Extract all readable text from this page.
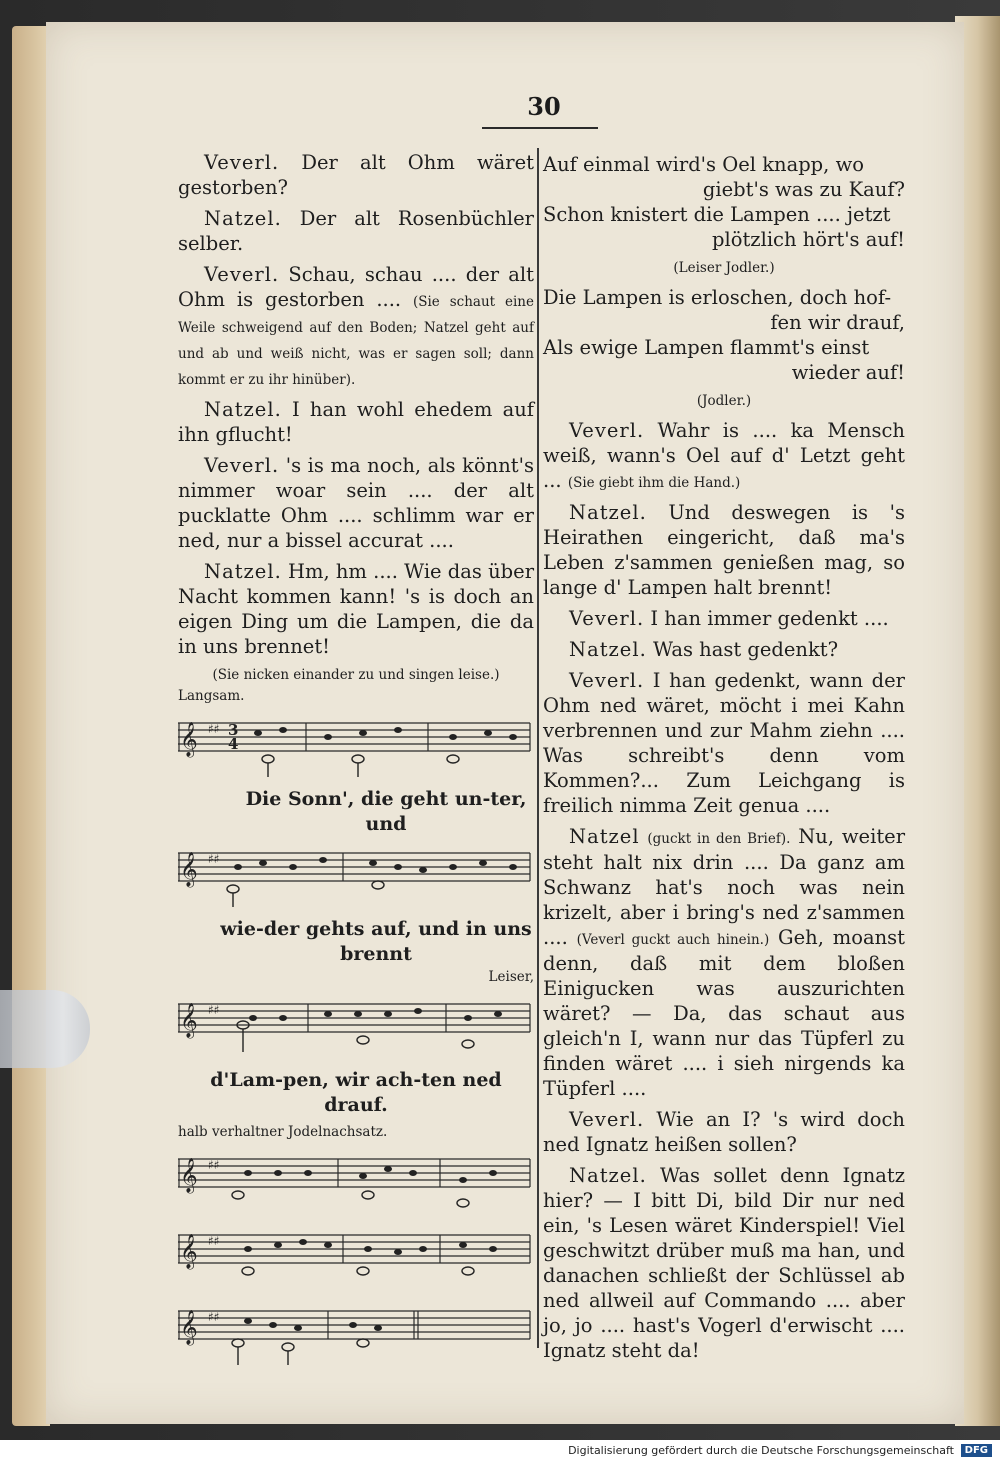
30

Veverl. Der alt Ohm wäret gestorben?

Natzel. Der alt Rosenbüchler selber.

Veverl. Schau, schau .... der alt Ohm is gestorben .... (Sie schaut eine Weile schweigend auf den Boden; Natzel geht auf und ab und weiß nicht, was er sagen soll; dann kommt er zu ihr hinüber).

Natzel. I han wohl ehedem auf ihn gflucht!

Veverl. 's is ma noch, als könnt's nimmer woar sein .... der alt pucklatte Ohm .... schlimm war er ned, nur a bissel accurat ....

Natzel. Hm, hm .... Wie das über Nacht kommen kann! 's is doch an eigen Ding um die Lampen, die da in uns brennet!

(Sie nicken einander zu und singen leise.)

Langsam.

𝄞 ♯♯ 3
4

Die Sonn', die geht un-ter, und

𝄞 ♯♯

wie-der gehts auf, und in uns brennt

Leiser,

𝄞 ♯♯

d'Lam-pen, wir ach-ten ned drauf.

halb verhaltner Jodelnachsatz.

𝄞 ♯♯
𝄞 ♯♯
𝄞 ♯♯

Auf einmal wird's Oel knapp, wo

giebt's was zu Kauf?

Schon knistert die Lampen .... jetzt

plötzlich hört's auf!

(Leiser Jodler.)

Die Lampen is erloschen, doch hof-

fen wir drauf,

Als ewige Lampen flammt's einst

wieder auf!

(Jodler.)

Veverl. Wahr is .... ka Mensch weiß, wann's Oel auf d' Letzt geht ... (Sie giebt ihm die Hand.)

Natzel. Und deswegen is 's Heirathen eingericht, daß ma's Leben z'sammen genießen mag, so lange d' Lampen halt brennt!

Veverl. I han immer gedenkt ....

Natzel. Was hast gedenkt?

Veverl. I han gedenkt, wann der Ohm ned wäret, möcht i mei Kahn verbrennen und zur Mahm ziehn .... Was schreibt's denn vom Kommen?... Zum Leichgang is freilich nimma Zeit genua ....

Natzel (guckt in den Brief). Nu, weiter steht halt nix drin .... Da ganz am Schwanz hat's noch was nein krizelt, aber i bring's ned z'sammen .... (Veverl guckt auch hinein.) Geh, moanst denn, daß mit dem bloßen Einigucken was auszurichten wäret? — Da, das schaut aus gleich'n I, wann nur das Tüpferl zu finden wäret .... i sieh nirgends ka Tüpferl ....

Veverl. Wie an I? 's wird doch ned Ignatz heißen sollen?

Natzel. Was sollet denn Ignatz hier? — I bitt Di, bild Dir nur ned ein, 's Lesen wäret Kinderspiel! Viel geschwitzt drüber muß ma han, und danachen schließt der Schlüssel ab ned allweil auf Commando .... aber jo, jo .... hast's Vogerl d'erwischt .... Ignatz steht da!

Digitalisierung gefördert durch die Deutsche Forschungsgemeinschaft	DFG
